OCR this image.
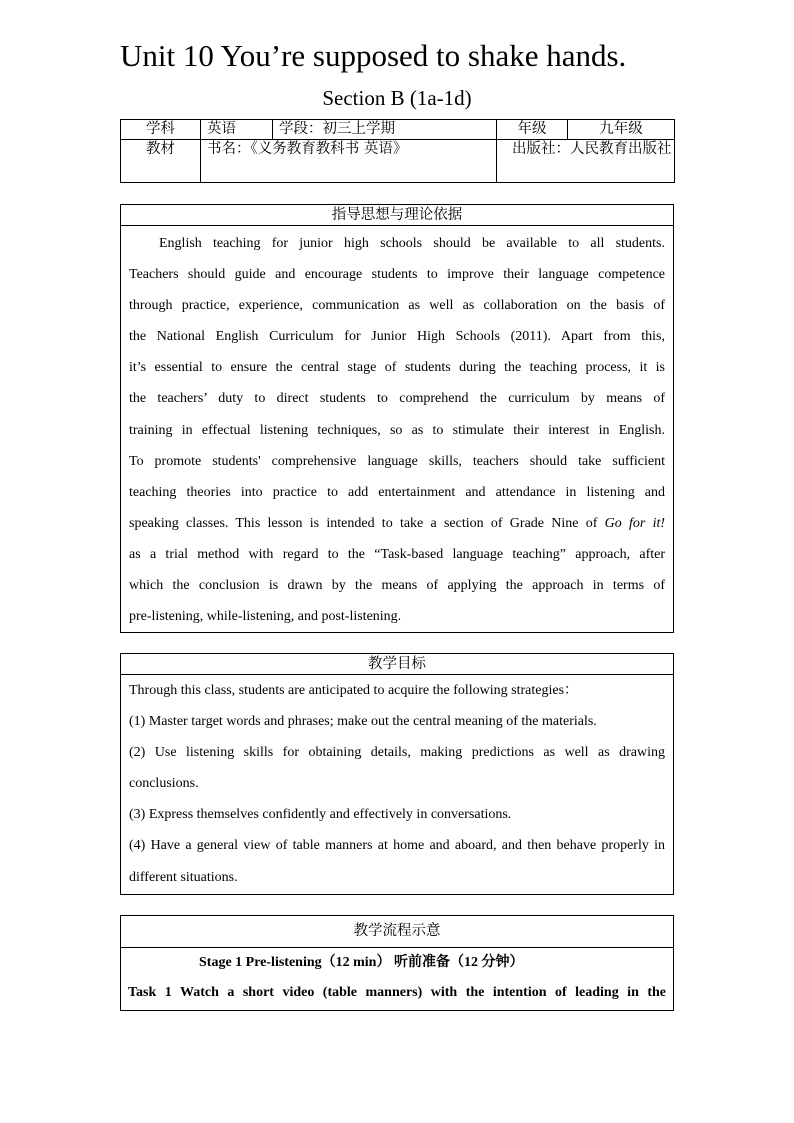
Unit 10 You’re supposed to shake hands.
Section B (1a-1d)
学科	英语	学段：初三上学期	年级	九年级
教材	书名：《义务教育教科书 英语》		出版社：人民教育出版社	
指导思想与理论依据

English teaching for junior high schools should be available to all students.

Teachers should guide and encourage students to improve their language competence

through practice, experience, communication as well as collaboration on the basis of

the National English Curriculum for Junior High Schools (2011). Apart from this,

it’s essential to ensure the central stage of students during the teaching process, it is

the teachers’ duty to direct students to comprehend the curriculum by means of

training in effectual listening techniques, so as to stimulate their interest in English.

To promote students' comprehensive language skills, teachers should take sufficient

teaching theories into practice to add entertainment and attendance in listening and

speaking classes. This lesson is intended to take a section of Grade Nine of Go for it!

as a trial method with regard to the “Task-based language teaching” approach, after

which the conclusion is drawn by the means of applying the approach in terms of

pre-listening, while-listening, and post-listening.

教学目标

Through this class, students are anticipated to acquire the following strategies：

(1) Master target words and phrases; make out the central meaning of the materials.

(2) Use listening skills for obtaining details, making predictions as well as drawing conclusions.

(3) Express themselves confidently and effectively in conversations.

(4) Have a general view of table manners at home and aboard, and then behave properly in different situations.

教学流程示意
Stage 1 Pre-listening（12 min） 听前准备（12 分钟）
Task 1 Watch a short video (table manners) with the intention of leading in the
